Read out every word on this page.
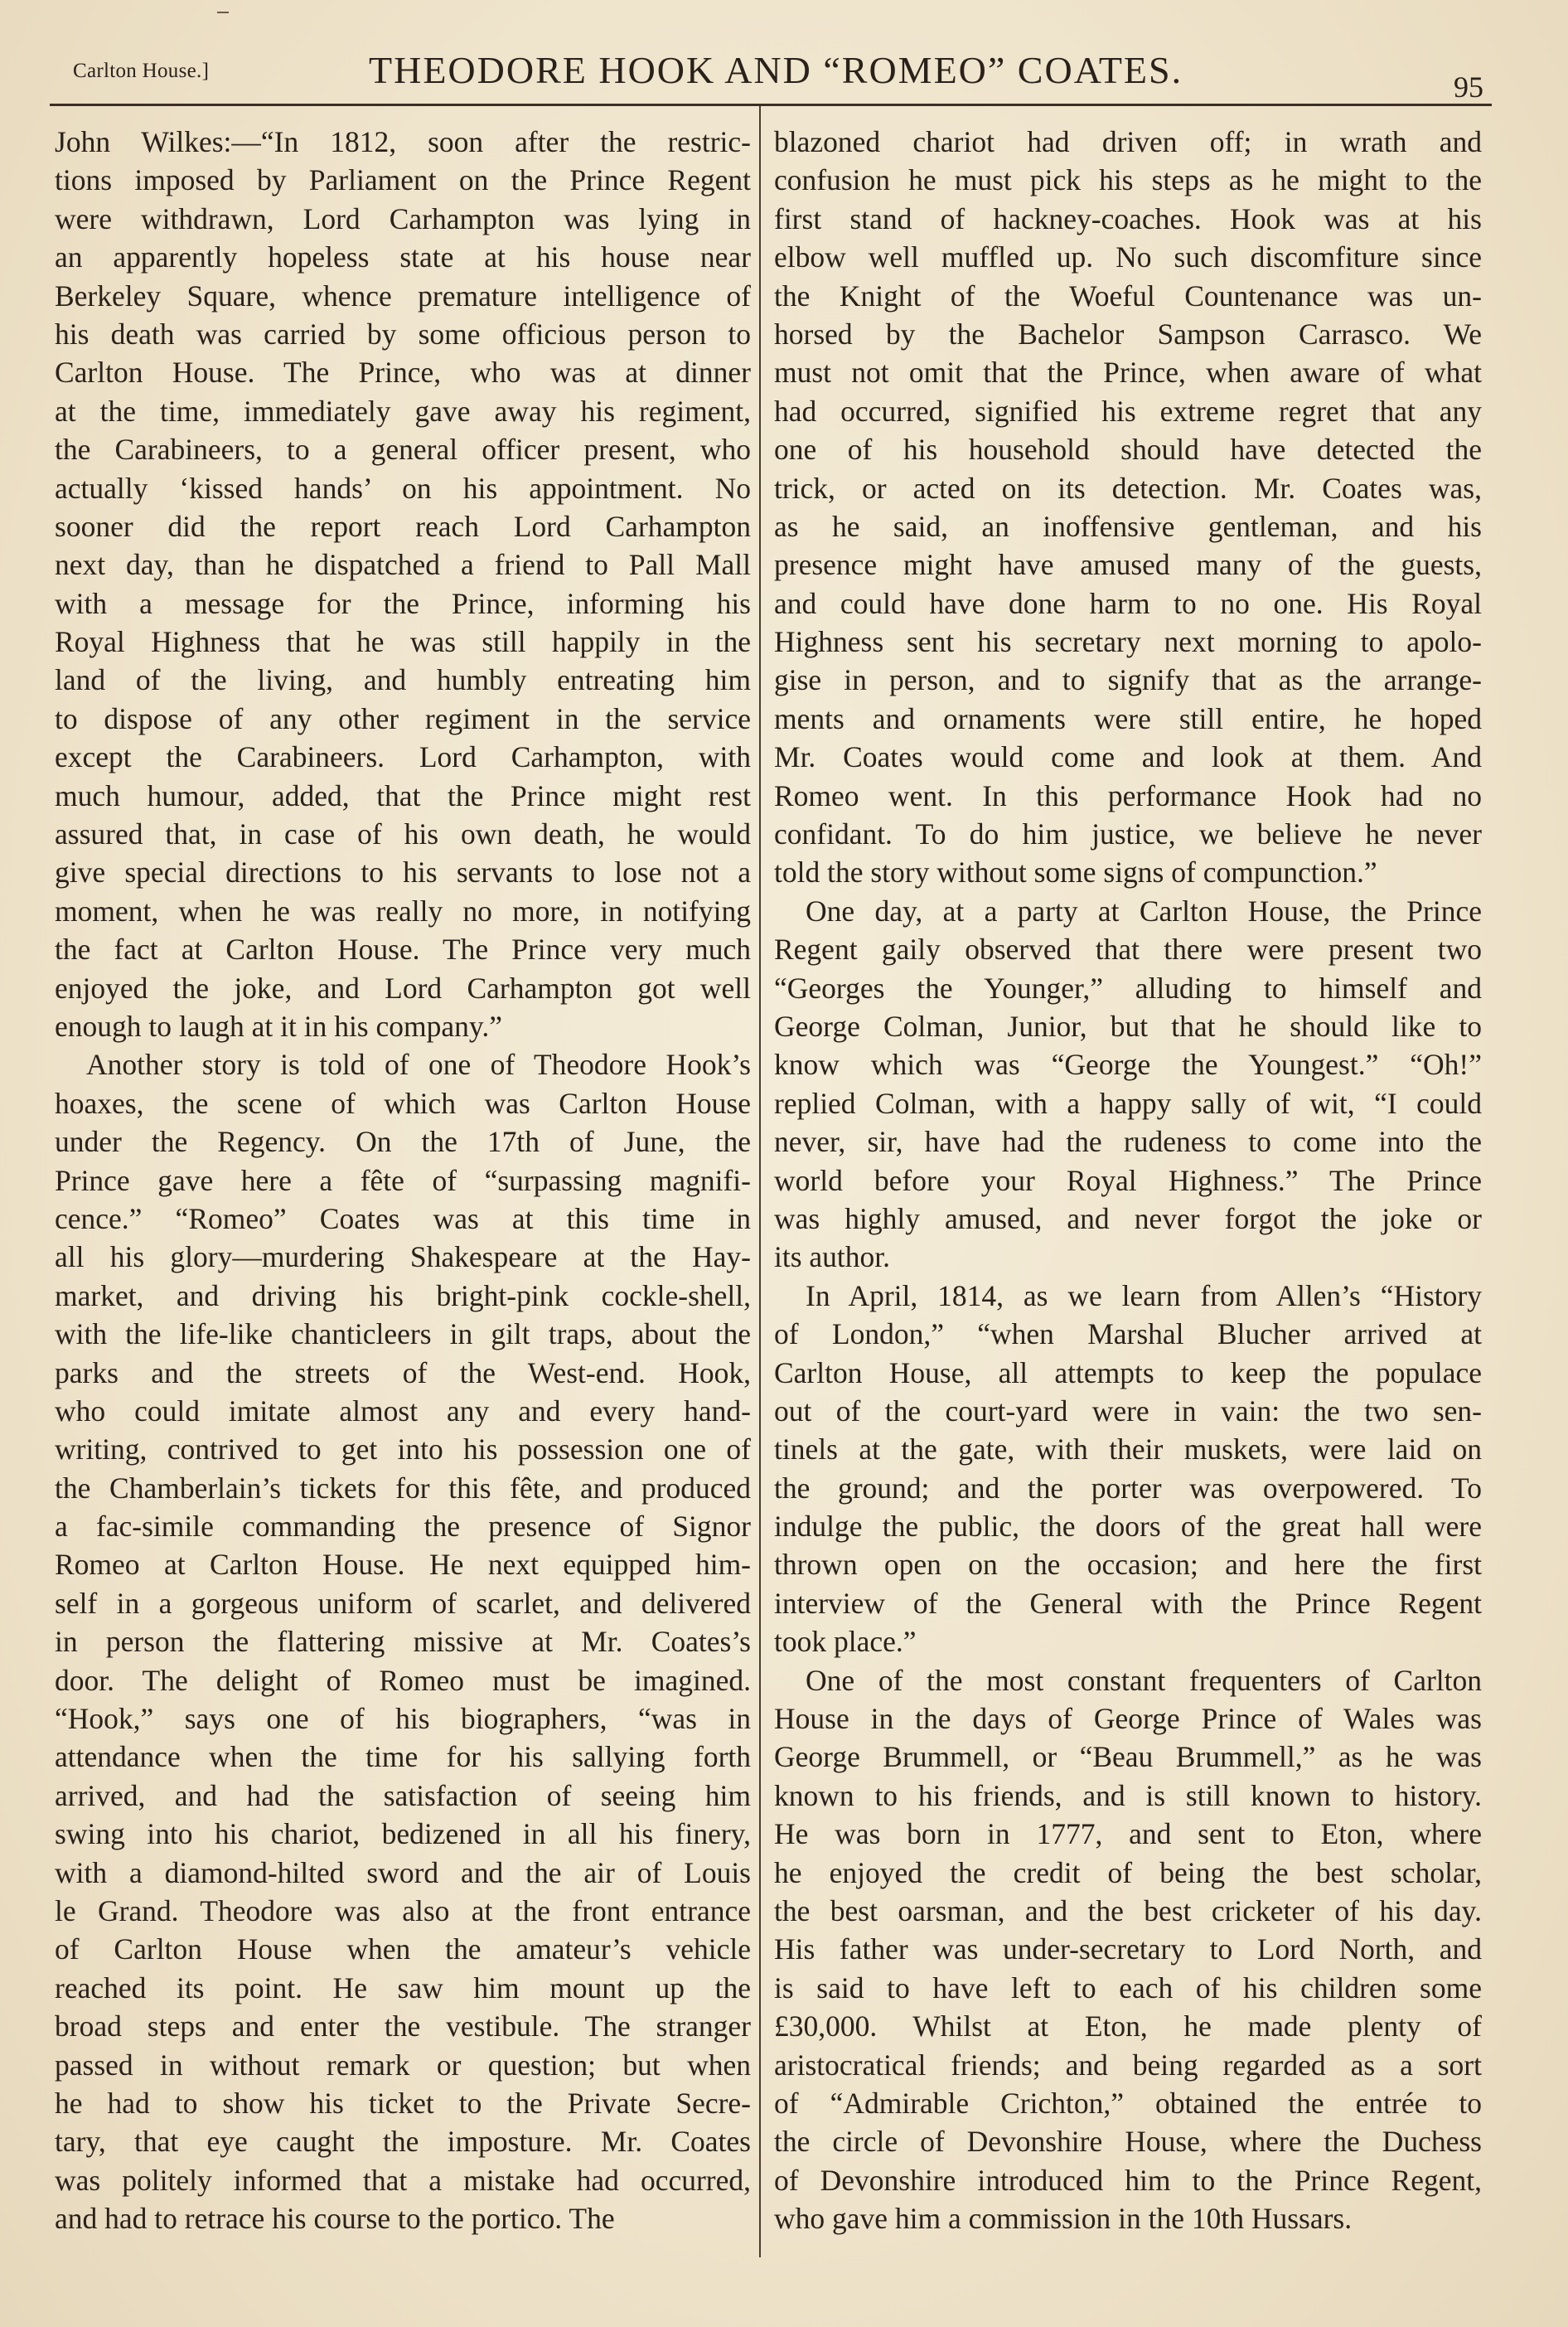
Carlton House.]	THEODORE HOOK AND “ROMEO” COATES.	95
John Wilkes:—“In 1812, soon after the restric-
tions imposed by Parliament on the Prince Regent
were withdrawn, Lord Carhampton was lying in
an apparently hopeless state at his house near
Berkeley Square, whence premature intelligence of
his death was carried by some officious person to
Carlton House. The Prince, who was at dinner
at the time, immediately gave away his regiment,
the Carabineers, to a general officer present, who
actually ‘kissed hands’ on his appointment. No
sooner did the report reach Lord Carhampton
next day, than he dispatched a friend to Pall Mall
with a message for the Prince, informing his
Royal Highness that he was still happily in the
land of the living, and humbly entreating him
to dispose of any other regiment in the service
except the Carabineers. Lord Carhampton, with
much humour, added, that the Prince might rest
assured that, in case of his own death, he would
give special directions to his servants to lose not a
moment, when he was really no more, in notifying
the fact at Carlton House. The Prince very much
enjoyed the joke, and Lord Carhampton got well
enough to laugh at it in his company.”
Another story is told of one of Theodore Hook’s
hoaxes, the scene of which was Carlton House
under the Regency. On the 17th of June, the
Prince gave here a fête of “surpassing magnifi-
cence.” “Romeo” Coates was at this time in
all his glory—murdering Shakespeare at the Hay-
market, and driving his bright-pink cockle-shell,
with the life-like chanticleers in gilt traps, about the
parks and the streets of the West-end. Hook,
who could imitate almost any and every hand-
writing, contrived to get into his possession one of
the Chamberlain’s tickets for this fête, and produced
a fac-simile commanding the presence of Signor
Romeo at Carlton House. He next equipped him-
self in a gorgeous uniform of scarlet, and delivered
in person the flattering missive at Mr. Coates’s
door. The delight of Romeo must be imagined.
“Hook,” says one of his biographers, “was in
attendance when the time for his sallying forth
arrived, and had the satisfaction of seeing him
swing into his chariot, bedizened in all his finery,
with a diamond-hilted sword and the air of Louis
le Grand. Theodore was also at the front entrance
of Carlton House when the amateur’s vehicle
reached its point. He saw him mount up the
broad steps and enter the vestibule. The stranger
passed in without remark or question; but when
he had to show his ticket to the Private Secre-
tary, that eye caught the imposture. Mr. Coates
was politely informed that a mistake had occurred,
and had to retrace his course to the portico. The
blazoned chariot had driven off; in wrath and
confusion he must pick his steps as he might to the
first stand of hackney-coaches. Hook was at his
elbow well muffled up. No such discomfiture since
the Knight of the Woeful Countenance was un-
horsed by the Bachelor Sampson Carrasco. We
must not omit that the Prince, when aware of what
had occurred, signified his extreme regret that any
one of his household should have detected the
trick, or acted on its detection. Mr. Coates was,
as he said, an inoffensive gentleman, and his
presence might have amused many of the guests,
and could have done harm to no one. His Royal
Highness sent his secretary next morning to apolo-
gise in person, and to signify that as the arrange-
ments and ornaments were still entire, he hoped
Mr. Coates would come and look at them. And
Romeo went. In this performance Hook had no
confidant. To do him justice, we believe he never
told the story without some signs of compunction.”
One day, at a party at Carlton House, the Prince
Regent gaily observed that there were present two
“Georges the Younger,” alluding to himself and
George Colman, Junior, but that he should like to
know which was “George the Youngest.” “Oh!”
replied Colman, with a happy sally of wit, “I could
never, sir, have had the rudeness to come into the
world before your Royal Highness.” The Prince
was highly amused, and never forgot the joke or
its author.
In April, 1814, as we learn from Allen’s “History
of London,” “when Marshal Blucher arrived at
Carlton House, all attempts to keep the populace
out of the court-yard were in vain: the two sen-
tinels at the gate, with their muskets, were laid on
the ground; and the porter was overpowered. To
indulge the public, the doors of the great hall were
thrown open on the occasion; and here the first
interview of the General with the Prince Regent
took place.”
One of the most constant frequenters of Carlton
House in the days of George Prince of Wales was
George Brummell, or “Beau Brummell,” as he was
known to his friends, and is still known to history.
He was born in 1777, and sent to Eton, where
he enjoyed the credit of being the best scholar,
the best oarsman, and the best cricketer of his day.
His father was under-secretary to Lord North, and
is said to have left to each of his children some
£30,000. Whilst at Eton, he made plenty of
aristocratical friends; and being regarded as a sort
of “Admirable Crichton,” obtained the entrée to
the circle of Devonshire House, where the Duchess
of Devonshire introduced him to the Prince Regent,
who gave him a commission in the 10th Hussars.
